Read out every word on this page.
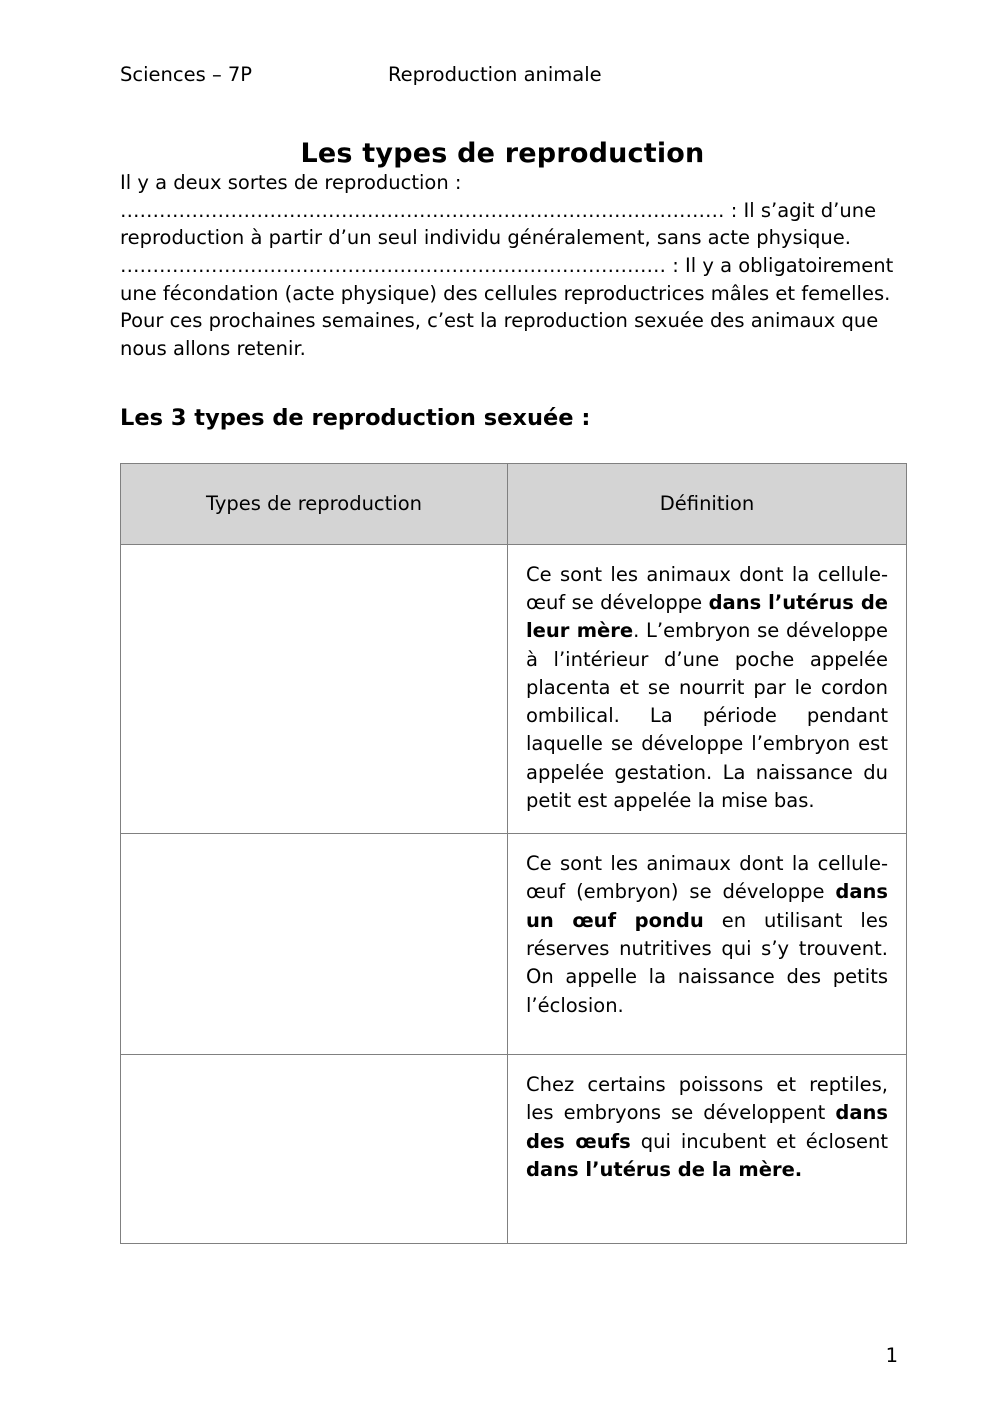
Sciences – 7P	Reproduction animale
Les types de reproduction

Il y a deux sortes de reproduction :

………………………………………………………………………………… : Il s’agit d’une reproduction à partir d’un seul individu généralement, sans acte physique.

………………………………………………………………………… : Il y a obligatoirement une fécondation (acte physique) des cellules reproductrices mâles et femelles.

Pour ces prochaines semaines, c’est la reproduction sexuée des animaux que nous allons retenir.

Les 3 types de reproduction sexuée :
Types de reproduction	Définition
	Ce sont les animaux dont la cellule-œuf se développe dans l’utérus de leur mère. L’embryon se développe à l’intérieur d’une poche appelée placenta et se nourrit par le cordon ombilical. La période pendant laquelle se développe l’embryon est appelée gestation. La naissance du petit est appelée la mise bas.
	Ce sont les animaux dont la cellule-œuf (embryon) se développe dans un œuf pondu en utilisant les réserves nutritives qui s’y trouvent. On appelle la naissance des petits l’éclosion.
	Chez certains poissons et reptiles, les embryons se développent dans des œufs qui incubent et éclosent dans l’utérus de la mère.
1
